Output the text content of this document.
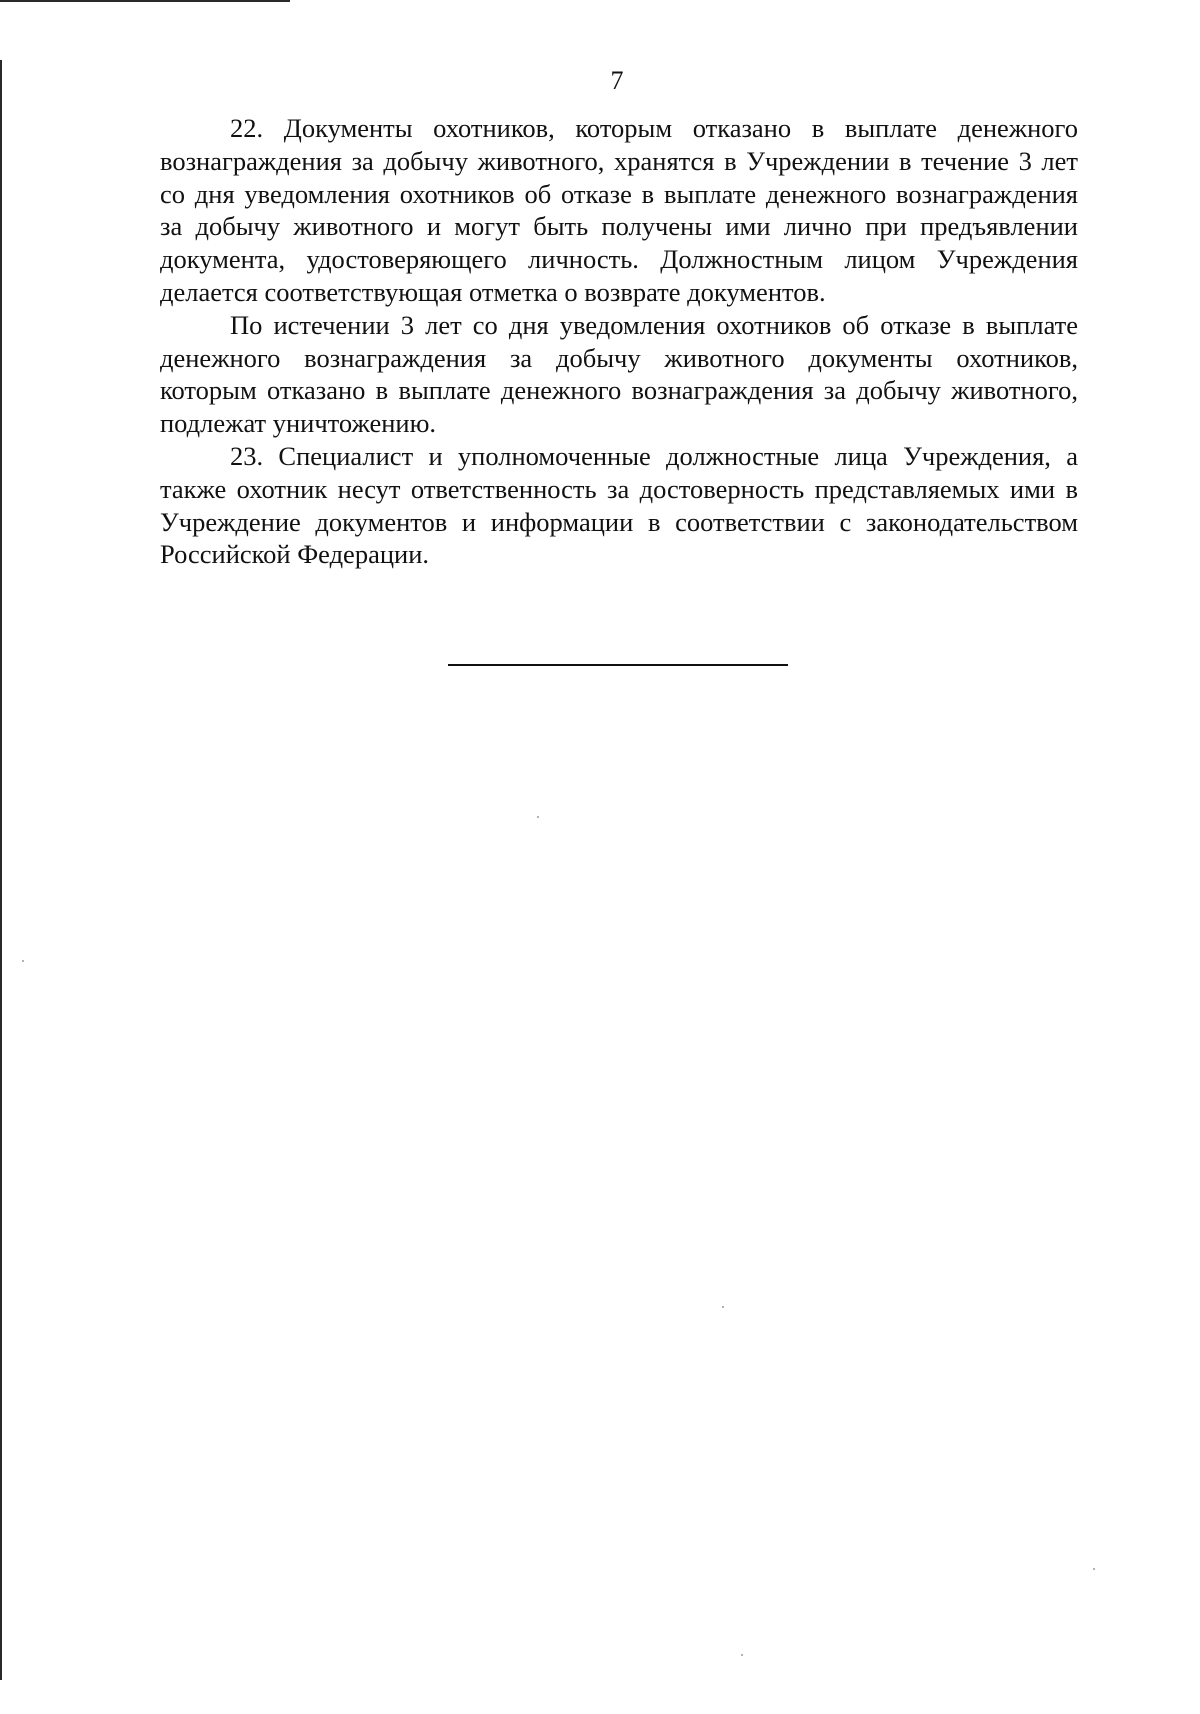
7

22. Документы охотников, которым отказано в выплате денежного вознаграждения за добычу животного, хранятся в Учреждении в течение 3 лет со дня уведомления охотников об отказе в выплате денежного вознаграждения за добычу животного и могут быть получены ими лично при предъявлении документа, удостоверяющего личность. Должностным лицом Учреждения делается соответствующая отметка о возврате документов.

По истечении 3 лет со дня уведомления охотников об отказе в выплате денежного вознаграждения за добычу животного документы охотников, которым отказано в выплате денежного вознаграждения за добычу животного, подлежат уничтожению.

23. Специалист и уполномоченные должностные лица Учреждения, а также охотник несут ответственность за достоверность представляемых ими в Учреждение документов и информации в соответствии с законодательством Российской Федерации.
